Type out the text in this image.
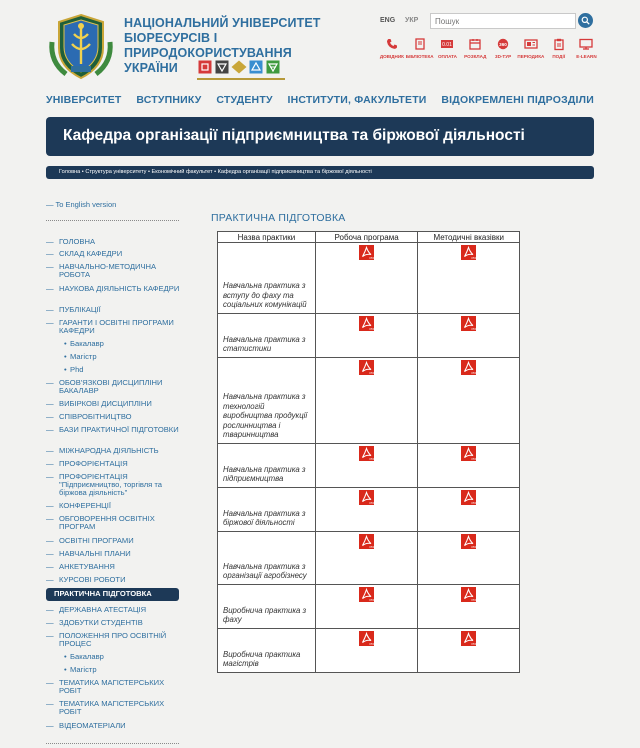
НАЦІОНАЛЬНИЙ УНІВЕРСИТЕТ
БІОРЕСУРСІВ І ПРИРОДОКОРИСТУВАННЯ
УКРАЇНИ
ENG УКР
Пошук
ДОВІДНИК БІБЛІОТЕКА
0.01
ОПЛАТА РОЗКЛАД
360
3D-ТУР ПЕРІОДИКА ПОДІЇ E-LEARN
УНІВЕРСИТЕТ ВСТУПНИКУ СТУДЕНТУ ІНСТИТУТИ, ФАКУЛЬТЕТИ ВІДОКРЕМЛЕНІ ПІДРОЗДІЛИ
Кафедра організації підприємництва та біржової діяльності
Головна • Структура університету • Економічний факультет • Кафедра організації підприємництва та біржової діяльності
— To English version
— ГОЛОВНА
— СКЛАД КАФЕДРИ
— НАВЧАЛЬНО-МЕТОДИЧНА РОБОТА
— НАУКОВА ДІЯЛЬНІСТЬ КАФЕДРИ
— ПУБЛІКАЦІЇ
— ГАРАНТИ І ОСВІТНІ ПРОГРАМИ КАФЕДРИ
• Бакалавр
• Магістр
• Phd
— ОБОВ'ЯЗКОВІ ДИСЦИПЛІНИ БАКАЛАВР
— ВИБІРКОВІ ДИСЦИПЛІНИ
— СПІВРОБІТНИЦТВО
— БАЗИ ПРАКТИЧНОЇ ПІДГОТОВКИ
— МІЖНАРОДНА ДІЯЛЬНІСТЬ
— ПРОФОРІЄНТАЦІЯ
— ПРОФОРІЄНТАЦІЯ "Підприємництво, торгівля та біржова діяльність"
— КОНФЕРЕНЦІЇ
— ОБГОВОРЕННЯ ОСВІТНІХ ПРОГРАМ
— ОСВІТНІ ПРОГРАМИ
— НАВЧАЛЬНІ ПЛАНИ
— АНКЕТУВАННЯ
— КУРСОВІ РОБОТИ
ПРАКТИЧНА ПІДГОТОВКА
— ДЕРЖАВНА АТЕСТАЦІЯ
— ЗДОБУТКИ СТУДЕНТІВ
— ПОЛОЖЕННЯ ПРО ОСВІТНІЙ ПРОЦЕС
• Бакалавр
• Магістр
— ТЕМАТИКА МАГІСТЕРСЬКИХ РОБІТ
— ТЕМАТИКА МАГІСТЕРСЬКИХ РОБІТ
— ВІДЕОМАТЕРІАЛИ
ПРАКТИЧНА ПІДГОТОВКА
Назва практики	Робоча програма	Методичні вказівки
Навчальна практика з вступу до фаху та соціальних комунікацій	PDF	PDF

Навчальна практика з статистики	PDF	PDF

Навчальна практика з технологій виробництва продукції рослинництва і тваринництва	PDF	PDF

Навчальна практика з підприємництва	PDF	PDF

Навчальна практика з біржової діяльності	PDF	PDF

Навчальна практика з організації агробізнесу	PDF	PDF

Виробнича практика з фаху	PDF	PDF

Виробнича практика магістрів	PDF	PDF
